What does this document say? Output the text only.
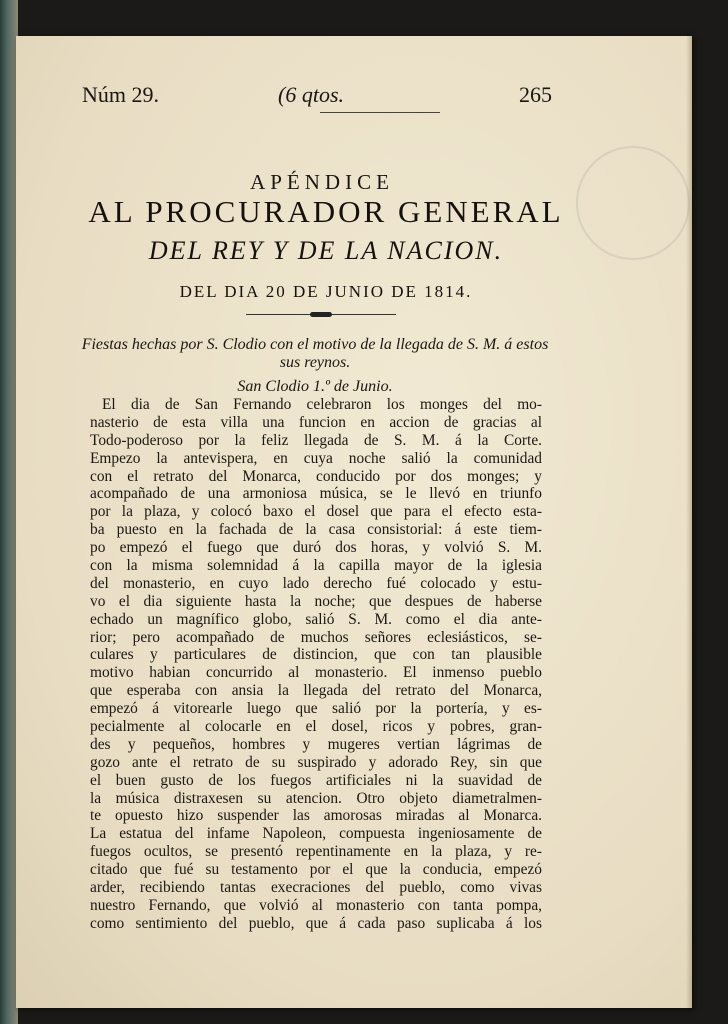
Núm 29.	(6 qtos.	265
APÉNDICE
AL PROCURADOR GENERAL
DEL REY Y DE LA NACION.
DEL DIA 20 DE JUNIO DE 1814.
Fiestas hechas por S. Clodio con el motivo de la llegada de S. M. á estos sus reynos.
San Clodio 1.º de Junio.
El dia de San Fernando celebraron los monges del mo-
nasterio de esta villa una funcion en accion de gracias al
Todo-poderoso por la feliz llegada de S. M. á la Corte.
Empezo la antevispera, en cuya noche salió la comunidad
con el retrato del Monarca, conducido por dos monges; y
acompañado de una armoniosa música, se le llevó en triunfo
por la plaza, y colocó baxo el dosel que para el efecto esta-
ba puesto en la fachada de la casa consistorial: á este tiem-
po empezó el fuego que duró dos horas, y volvió S. M.
con la misma solemnidad á la capilla mayor de la iglesia
del monasterio, en cuyo lado derecho fué colocado y estu-
vo el dia siguiente hasta la noche; que despues de haberse
echado un magnífico globo, salió S. M. como el dia ante-
rior; pero acompañado de muchos señores eclesiásticos, se-
culares y particulares de distincion, que con tan plausible
motivo habian concurrido al monasterio. El inmenso pueblo
que esperaba con ansia la llegada del retrato del Monarca,
empezó á vitorearle luego que salió por la portería, y es-
pecialmente al colocarle en el dosel, ricos y pobres, gran-
des y pequeños, hombres y mugeres vertian lágrimas de
gozo ante el retrato de su suspirado y adorado Rey, sin que
el buen gusto de los fuegos artificiales ni la suavidad de
la música distraxesen su atencion. Otro objeto diametralmen-
te opuesto hizo suspender las amorosas miradas al Monarca.
La estatua del infame Napoleon, compuesta ingeniosamente de
fuegos ocultos, se presentó repentinamente en la plaza, y re-
citado que fué su testamento por el que la conducia, empezó
arder, recibiendo tantas execraciones del pueblo, como vivas
nuestro Fernando, que volvió al monasterio con tanta pompa,
como sentimiento del pueblo, que á cada paso suplicaba á los
